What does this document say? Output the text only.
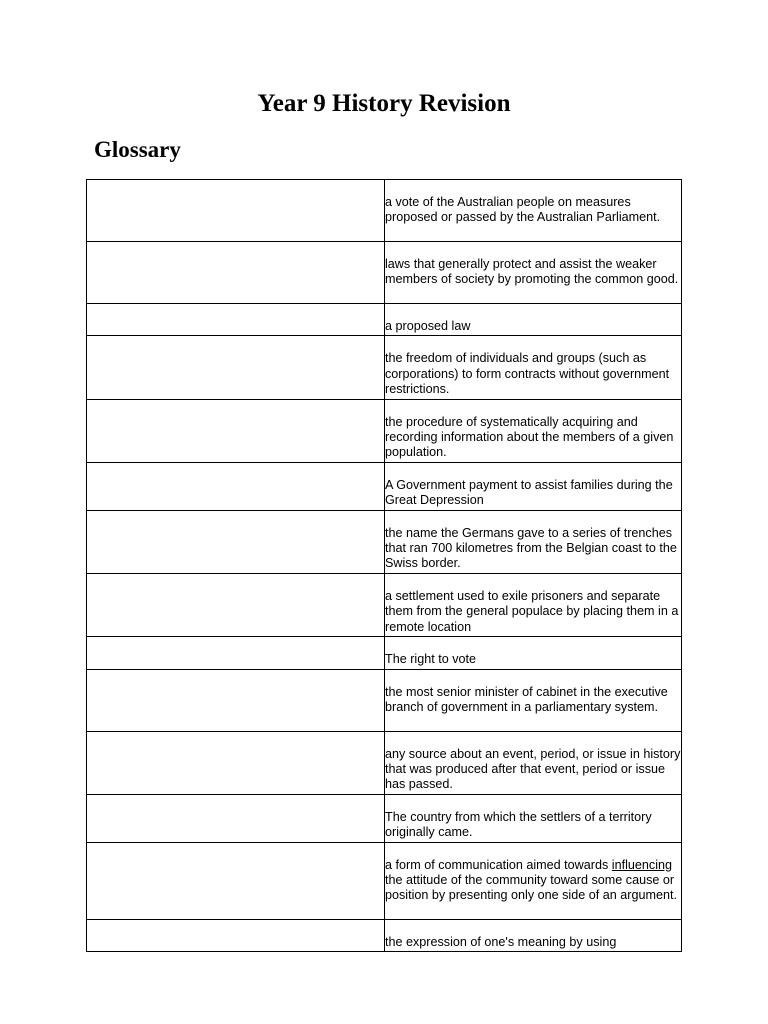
Year 9 History Revision
Glossary

	a vote of the Australian people on measures proposed or passed by the Australian Parliament.

	laws that generally protect and assist the weaker members of society by promoting the common good.

	a proposed law

	the freedom of individuals and groups (such as corporations) to form contracts without government restrictions.

	the procedure of systematically acquiring and recording information about the members of a given population.

	A Government payment to assist families during the Great Depression

	the name the Germans gave to a series of trenches that ran 700 kilometres from the Belgian coast to the Swiss border.

	a settlement used to exile prisoners and separate them from the general populace by placing them in a remote location

	The right to vote

	the most senior minister of cabinet in the executive branch of government in a parliamentary system.

	any source about an event, period, or issue in history that was produced after that event, period or issue has passed.

	The country from which the settlers of a territory originally came.

	a form of communication aimed towards influencing the attitude of the community toward some cause or position by presenting only one side of an argument.

	the expression of one's meaning by using
